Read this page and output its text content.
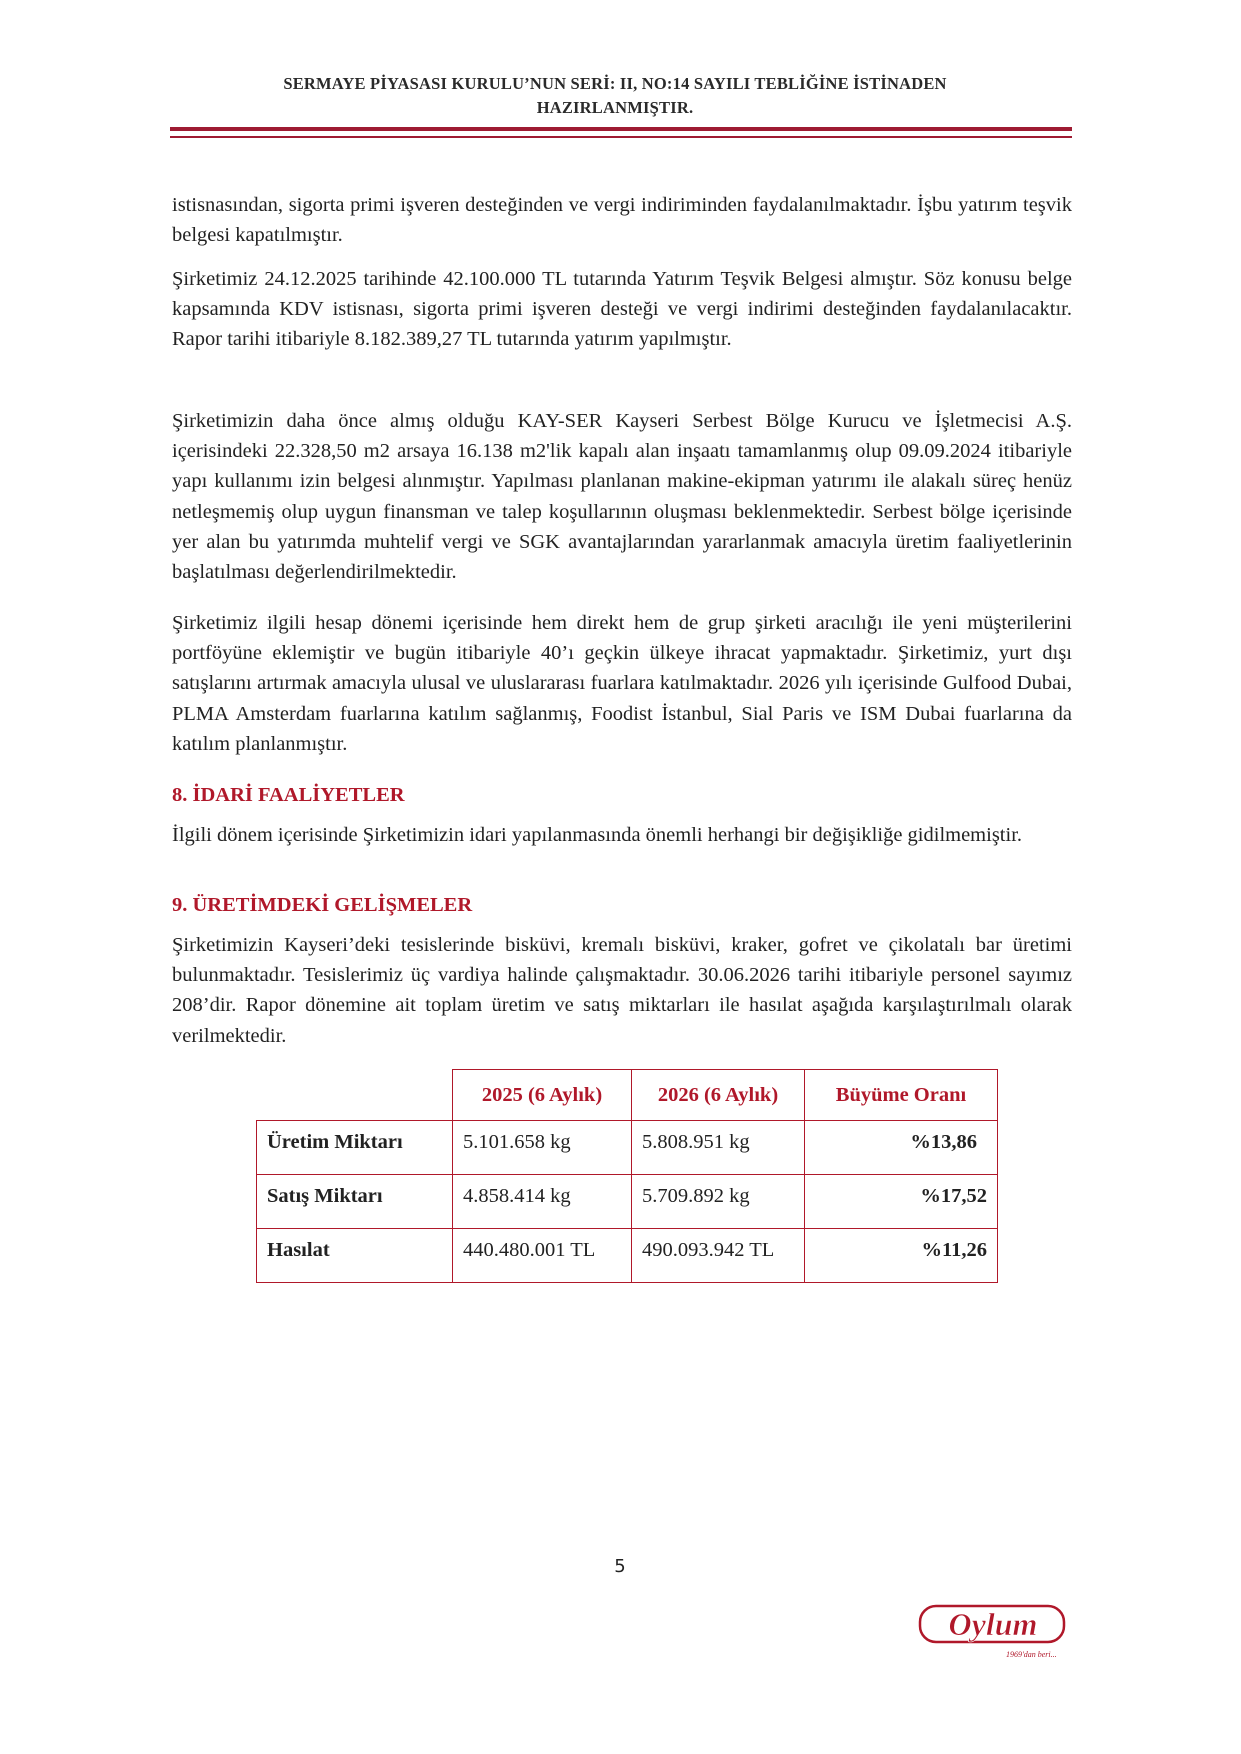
SERMAYE PİYASASI KURULU’NUN SERİ: II, NO:14 SAYILI TEBLİĞİNE İSTİNADEN
HAZIRLANMIŞTIR.

istisnasından, sigorta primi işveren desteğinden ve vergi indiriminden faydalanılmaktadır. İşbu yatırım teşvik belgesi kapatılmıştır.

Şirketimiz 24.12.2025 tarihinde 42.100.000 TL tutarında Yatırım Teşvik Belgesi almıştır. Söz konusu belge kapsamında KDV istisnası, sigorta primi işveren desteği ve vergi indirimi desteğinden faydalanılacaktır. Rapor tarihi itibariyle 8.182.389,27 TL tutarında yatırım yapılmıştır.

Şirketimizin daha önce almış olduğu KAY-SER Kayseri Serbest Bölge Kurucu ve İşletmecisi A.Ş. içerisindeki 22.328,50 m2 arsaya 16.138 m2'lik kapalı alan inşaatı tamamlanmış olup 09.09.2024 itibariyle yapı kullanımı izin belgesi alınmıştır. Yapılması planlanan makine-ekipman yatırımı ile alakalı süreç henüz netleşmemiş olup uygun finansman ve talep koşullarının oluşması beklenmektedir. Serbest bölge içerisinde yer alan bu yatırımda muhtelif vergi ve SGK avantajlarından yararlanmak amacıyla üretim faaliyetlerinin başlatılması değerlendirilmektedir.

Şirketimiz ilgili hesap dönemi içerisinde hem direkt hem de grup şirketi aracılığı ile yeni müşterilerini portföyüne eklemiştir ve bugün itibariyle 40’ı geçkin ülkeye ihracat yapmaktadır. Şirketimiz, yurt dışı satışlarını artırmak amacıyla ulusal ve uluslararası fuarlara katılmaktadır. 2026 yılı içerisinde Gulfood Dubai, PLMA Amsterdam fuarlarına katılım sağlanmış, Foodist İstanbul, Sial Paris ve ISM Dubai fuarlarına da katılım planlanmıştır.

8. İDARİ FAALİYETLER

İlgili dönem içerisinde Şirketimizin idari yapılanmasında önemli herhangi bir değişikliğe gidilmemiştir.

9. ÜRETİMDEKİ GELİŞMELER

Şirketimizin Kayseri’deki tesislerinde bisküvi, kremalı bisküvi, kraker, gofret ve çikolatalı bar üretimi bulunmaktadır. Tesislerimiz üç vardiya halinde çalışmaktadır. 30.06.2026 tarihi itibariyle personel sayımız 208’dir. Rapor dönemine ait toplam üretim ve satış miktarları ile hasılat aşağıda karşılaştırılmalı olarak verilmektedir.

	2025 (6 Aylık)	2026 (6 Aylık)	Büyüme Oranı
Üretim Miktarı	5.101.658 kg	5.808.951 kg	%13,86
Satış Miktarı	4.858.414 kg	5.709.892 kg	%17,52
Hasılat	440.480.001 TL	490.093.942 TL	%11,26
5
Oylum
1969'dan beri...
